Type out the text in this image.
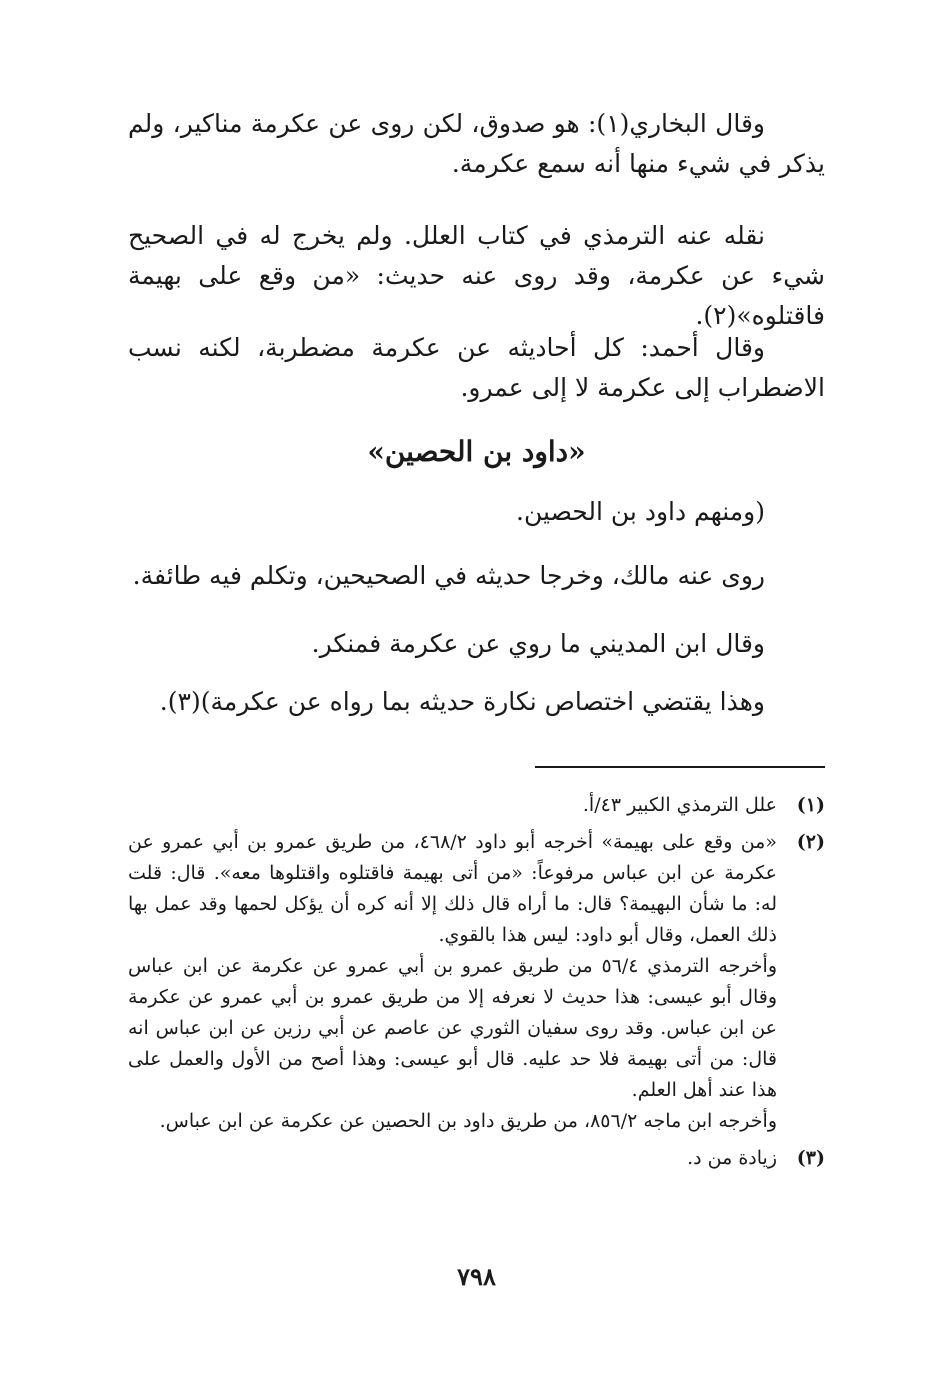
وقال البخاري(١): هو صدوق، لكن روى عن عكرمة مناكير، ولم يذكر في شيء منها أنه سمع عكرمة.

نقله عنه الترمذي في كتاب العلل. ولم يخرج له في الصحيح شيء عن عكرمة، وقد روى عنه حديث: «من وقع على بهيمة فاقتلوه»(٢).

وقال أحمد: كل أحاديثه عن عكرمة مضطربة، لكنه نسب الاضطراب إلى عكرمة لا إلى عمرو.

«داود بن الحصين»

(ومنهم داود بن الحصين.

روى عنه مالك، وخرجا حديثه في الصحيحين، وتكلم فيه طائفة.

وقال ابن المديني ما روي عن عكرمة فمنكر.

وهذا يقتضي اختصاص نكارة حديثه بما رواه عن عكرمة)(٣).

(١)

علل الترمذي الكبير ٤٣/أ.

(٢)

«من وقع على بهيمة» أخرجه أبو داود ٤٦٨/٢، من طريق عمرو بن أبي عمرو عن عكرمة عن ابن عباس مرفوعاً: «من أتى بهيمة فاقتلوه واقتلوها معه». قال: قلت له: ما شأن البهيمة؟ قال: ما أراه قال ذلك إلا أنه كره أن يؤكل لحمها وقد عمل بها ذلك العمل، وقال أبو داود: ليس هذا بالقوي.

وأخرجه الترمذي ٥٦/٤ من طريق عمرو بن أبي عمرو عن عكرمة عن ابن عباس وقال أبو عيسى: هذا حديث لا نعرفه إلا من طريق عمرو بن أبي عمرو عن عكرمة عن ابن عباس. وقد روى سفيان الثوري عن عاصم عن أبي رزين عن ابن عباس انه قال: من أتى بهيمة فلا حد عليه. قال أبو عيسى: وهذا أصح من الأول والعمل على هذا عند أهل العلم.

وأخرجه ابن ماجه ٨٥٦/٢، من طريق داود بن الحصين عن عكرمة عن ابن عباس.

(٣)

زيادة من د.

٧٩٨
